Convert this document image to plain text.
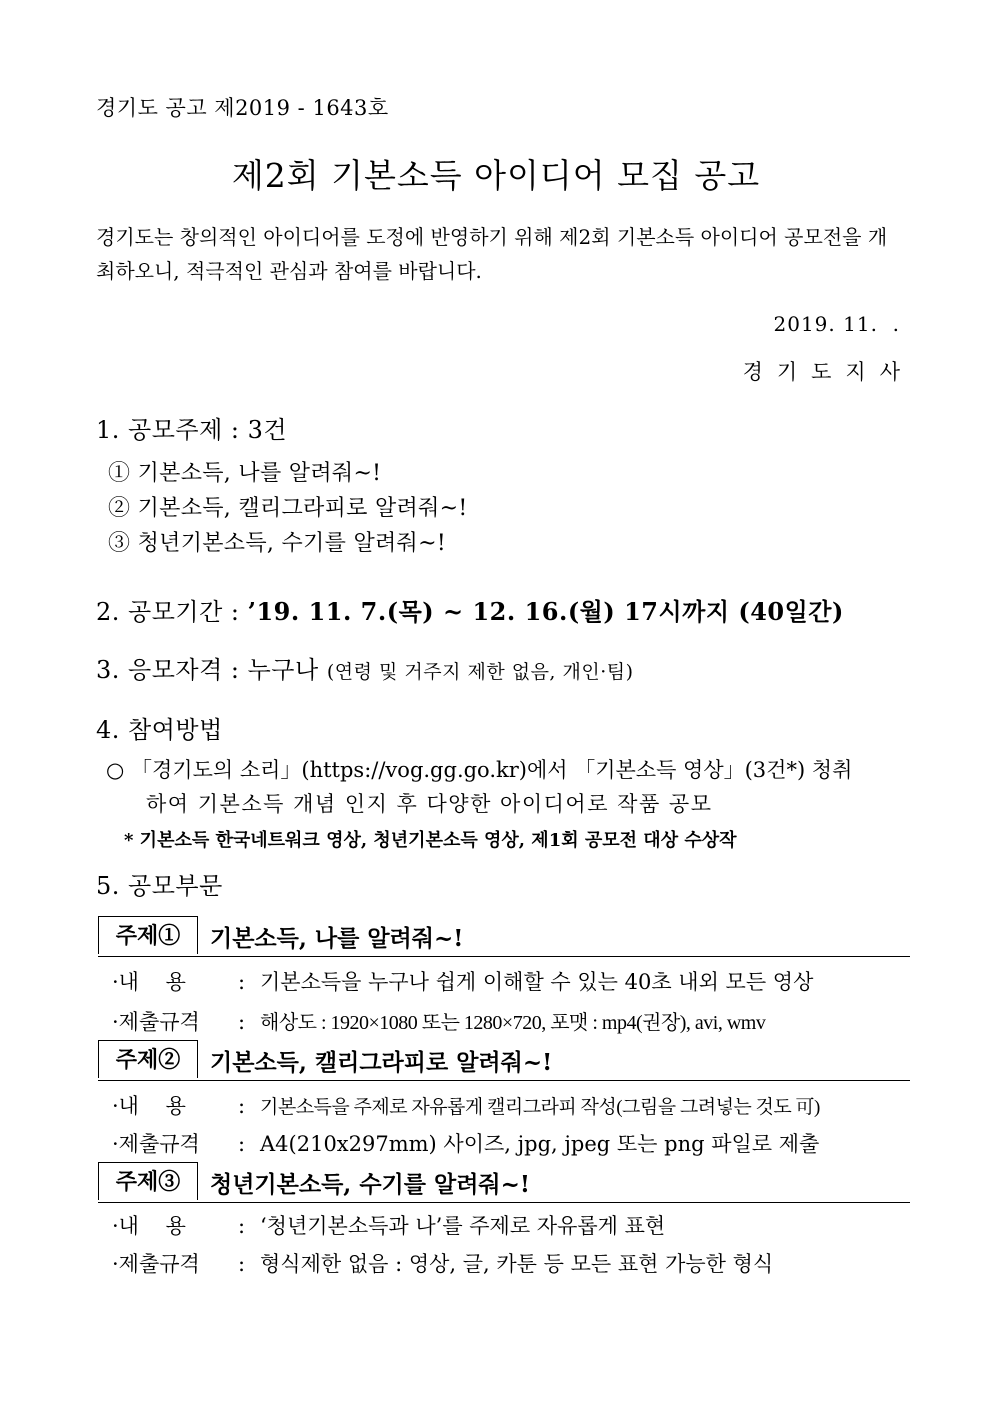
경기도 공고 제2019 - 1643호
제2회 기본소득 아이디어 모집 공고
경기도는 창의적인 아이디어를 도정에 반영하기 위해 제2회 기본소득 아이디어 공모전을 개최하오니, 적극적인 관심과 참여를 바랍니다.
2019. 11.  .
경기도지사
1. 공모주제 : 3건
① 기본소득, 나를 알려줘~!
② 기본소득, 캘리그라피로 알려줘~!
③ 청년기본소득, 수기를 알려줘~!
2. 공모기간 : ’19. 11. 7.(목) ~ 12. 16.(월) 17시까지 (40일간)
3. 응모자격 : 누구나 (연령 및 거주지 제한 없음, 개인·팀)
4. 참여방법
○ 「경기도의 소리」(https://vog.gg.go.kr)에서 「기본소득 영상」(3건*) 청취
하여 기본소득 개념 인지 후 다양한 아이디어로 작품 공모
* 기본소득 한국네트워크 영상, 청년기본소득 영상, 제1회 공모전 대상 수상작
5. 공모부문
주제①	기본소득, 나를 알려줘~!
·내    용 : 기본소득을 누구나 쉽게 이해할 수 있는 40초 내외 모든 영상
·제출규격 : 해상도 : 1920×1080 또는 1280×720, 포맷 : mp4(권장), avi, wmv
주제②	기본소득, 캘리그라피로 알려줘~!
·내    용 : 기본소득을 주제로 자유롭게 캘리그라피 작성(그림을 그려넣는 것도 可)
·제출규격 : A4(210x297mm) 사이즈, jpg, jpeg 또는 png 파일로 제출
주제③	청년기본소득, 수기를 알려줘~!
·내    용 : ‘청년기본소득과 나’를 주제로 자유롭게 표현
·제출규격 : 형식제한 없음 : 영상, 글, 카툰 등 모든 표현 가능한 형식
